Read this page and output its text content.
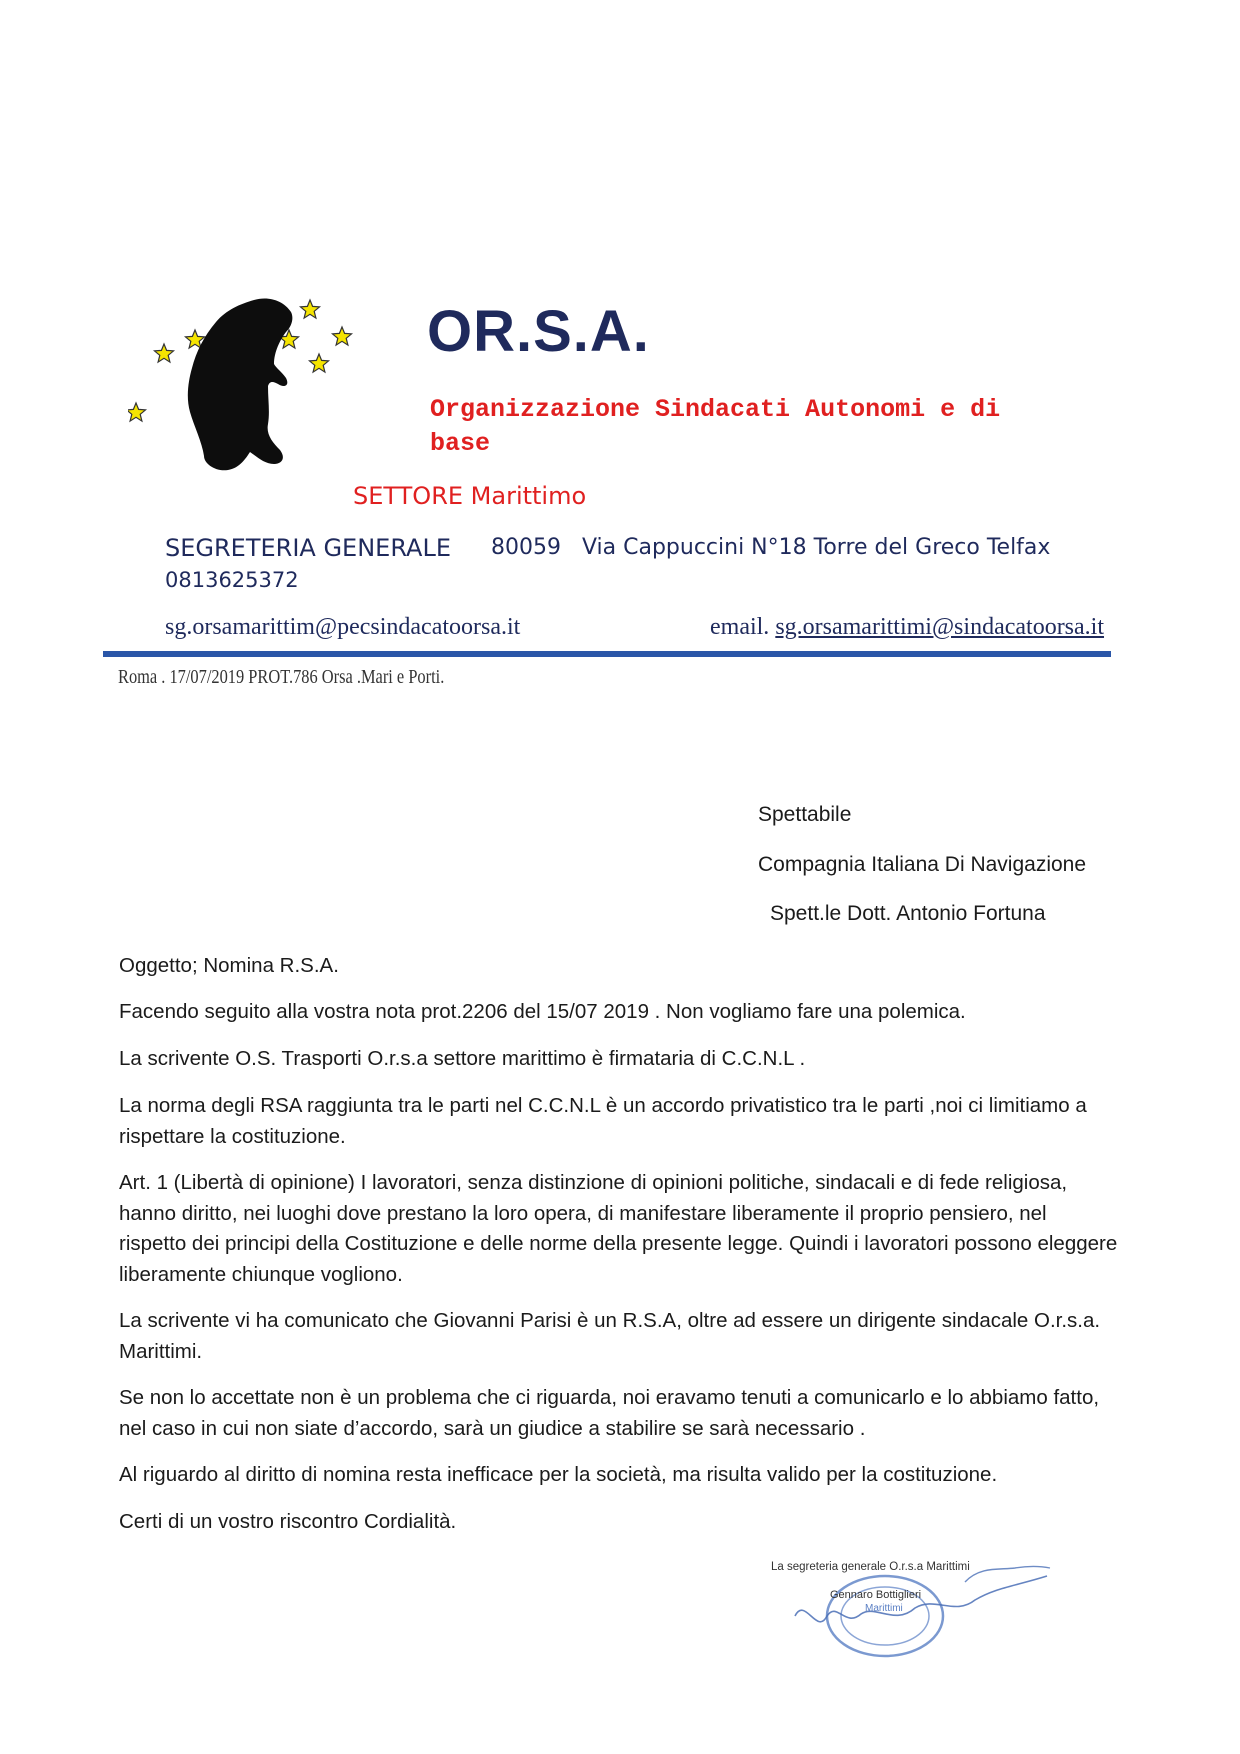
OR.S.A.
Organizzazione Sindacati Autonomi e di base
SETTORE Marittimo
SEGRETERIA GENERALE 80059   Via Cappuccini N°18 Torre del Greco Telfax
0813625372
sg.orsamarittim@pecsindacatoorsa.it	email. sg.orsamarittimi@sindacatoorsa.it
Roma . 17/07/2019 PROT.786 Orsa .Mari e Porti.
Spettabile
Compagnia Italiana Di Navigazione
Spett.le Dott. Antonio Fortuna

Oggetto; Nomina R.S.A.

Facendo seguito alla vostra nota prot.2206 del 15/07 2019 . Non vogliamo fare una polemica.

La scrivente O.S. Trasporti O.r.s.a settore marittimo è firmataria di C.C.N.L .

La norma degli RSA raggiunta tra le parti nel C.C.N.L è un accordo privatistico tra le parti ,noi ci limitiamo a rispettare la costituzione.

Art. 1 (Libertà di opinione) I lavoratori, senza distinzione di opinioni politiche, sindacali e di fede religiosa, hanno diritto, nei luoghi dove prestano la loro opera, di manifestare liberamente il proprio pensiero, nel rispetto dei principi della Costituzione e delle norme della presente legge. Quindi i lavoratori possono eleggere liberamente chiunque vogliono.

La scrivente vi ha comunicato che Giovanni Parisi è un R.S.A, oltre ad essere un dirigente sindacale O.r.s.a. Marittimi.

Se non lo accettate non è un problema che ci riguarda, noi eravamo tenuti a comunicarlo e lo abbiamo fatto, nel caso in cui non siate d’accordo, sarà un giudice a stabilire se sarà necessario .

Al riguardo al diritto di nomina resta inefficace per la società, ma risulta valido per la costituzione.

Certi di un vostro riscontro Cordialità.

La segreteria generale O.r.s.a Marittimi
Gennaro Bottiglieri
Marittimi
